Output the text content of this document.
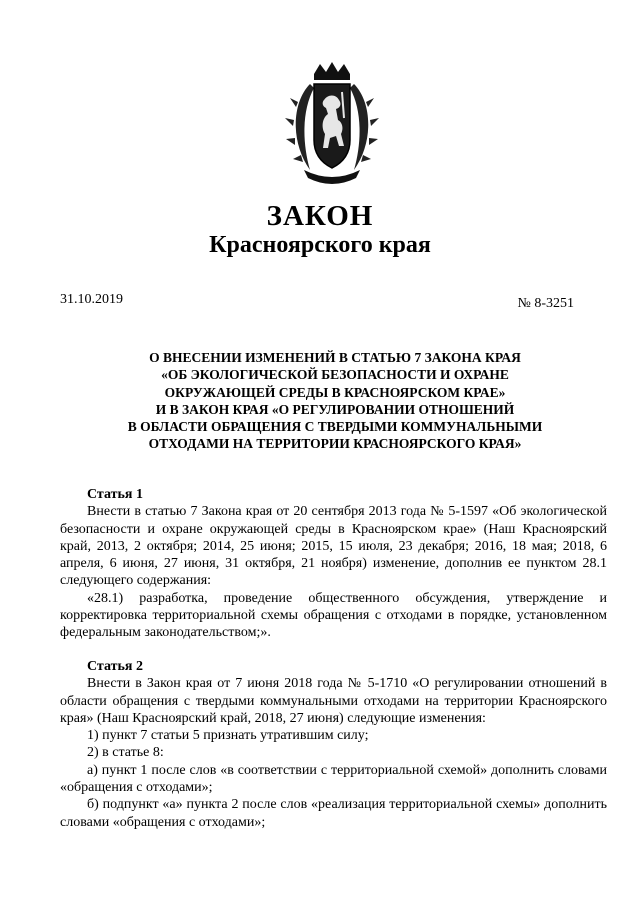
ЗАКОН
Красноярского края
31.10.2019	№ 8-3251
О ВНЕСЕНИИ ИЗМЕНЕНИЙ В СТАТЬЮ 7 ЗАКОНА КРАЯ
«ОБ ЭКОЛОГИЧЕСКОЙ БЕЗОПАСНОСТИ И ОХРАНЕ
ОКРУЖАЮЩЕЙ СРЕДЫ В КРАСНОЯРСКОМ КРАЕ»
И В ЗАКОН КРАЯ «О РЕГУЛИРОВАНИИ ОТНОШЕНИЙ
В ОБЛАСТИ ОБРАЩЕНИЯ С ТВЕРДЫМИ КОММУНАЛЬНЫМИ
ОТХОДАМИ НА ТЕРРИТОРИИ КРАСНОЯРСКОГО КРАЯ»
Статья 1

Внести в статью 7 Закона края от 20 сентября 2013 года № 5-1597 «Об экологической безопасности и охране окружающей среды в Красноярском крае» (Наш Красноярский край, 2013, 2 октября; 2014, 25 июня; 2015, 15 июля, 23 декабря; 2016, 18 мая; 2018, 6 апреля, 6 июня, 27 июня, 31 октября, 21 ноября) изменение, дополнив ее пунктом 28.1 следующего содержания:

«28.1) разработка, проведение общественного обсуждения, утверждение и корректировка территориальной схемы обращения с отходами в порядке, установленном федеральным законодательством;».

Статья 2

Внести в Закон края от 7 июня 2018 года № 5-1710 «О регулировании отношений в области обращения с твердыми коммунальными отходами на территории Красноярского края» (Наш Красноярский край, 2018, 27 июня) следующие изменения:

1) пункт 7 статьи 5 признать утратившим силу;

2) в статье 8:

а) пункт 1 после слов «в соответствии с территориальной схемой» дополнить словами «обращения с отходами»;

б) подпункт «а» пункта 2 после слов «реализация территориальной схемы» дополнить словами «обращения с отходами»;
